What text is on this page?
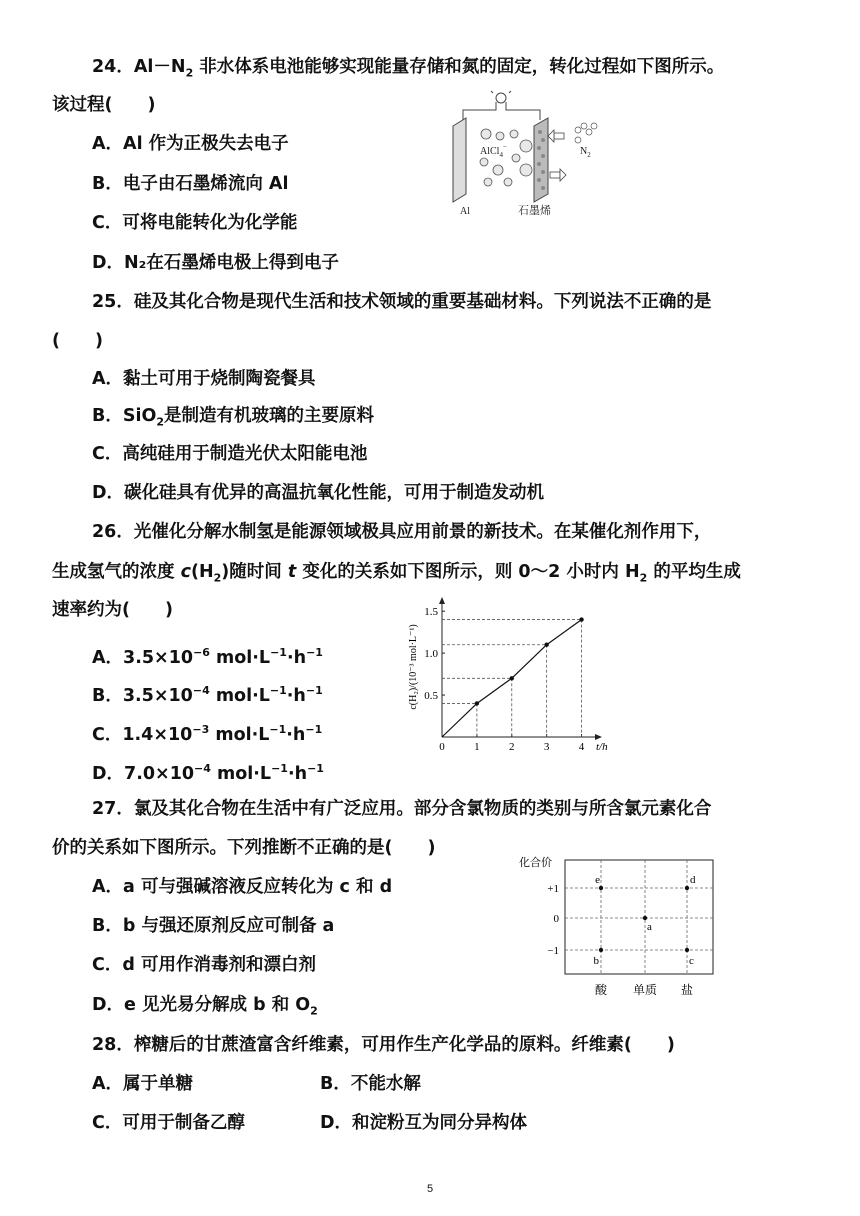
24．$Al-N_2$ 非水体系电池能够实现能量存储和氮的固定，转化过程如下图所示。
该过程(　　)
A．Al 作为正极失去电子
B．电子由石墨烯流向 Al
C．可将电能转化为化学能
D．N₂在石墨烯电极上得到电子
AlCl$_4$−	$N_2$
Al	石墨烯
25．硅及其化合物是现代生活和技术领域的重要基础材料。下列说法不正确的是
(　　)
A．黏土可用于烧制陶瓷餐具
B．SiO$_2$是制造有机玻璃的主要原料
C．高纯硅用于制造光伏太阳能电池
D．碳化硅具有优异的高温抗氧化性能，可用于制造发动机
26．光催化分解水制氢是能源领域极具应用前景的新技术。在某催化剂作用下，
生成氢气的浓度 $c(H_2)$随时间 t 变化的关系如下图所示，则 0～2 小时内 $H_2$ 的平均生成
速率约为(　　)
A．$3.5\times 10^{-6}$ $mol\cdot L^{-1}\cdot h^{-1}$
B．$3.5\times 10^{-4}$ $mol\cdot L^{-1}\cdot h^{-1}$
C．$1.4\times 10^{-3}$ $mol\cdot L^{-1}\cdot h^{-1}$
D．$7.0\times 10^{-4}$ $mol\cdot L^{-1}\cdot h^{-1}$
c(H₂)/(10⁻³ mol·L⁻¹)
t/h
0	1	2	3	4
0.5
1.0
1.5
27．氯及其化合物在生活中有广泛应用。部分含氯物质的类别与所含氯元素化合
价的关系如下图所示。下列推断不正确的是(　　)
A．a 可与强碱溶液反应转化为 c 和 d
B．b 与强还原剂反应可制备 a
C．d 可用作消毒剂和漂白剂
D．e 见光易分解成 b 和 $O_2$
化合价
+1
0
−1
酸 单质 盐
e
b
a
d
c
28．榨糖后的甘蔗渣富含纤维素，可用作生产化学品的原料。纤维素(　　)
A．属于单糖	B．不能水解
C．可用于制备乙醇	D．和淀粉互为同分异构体
5
